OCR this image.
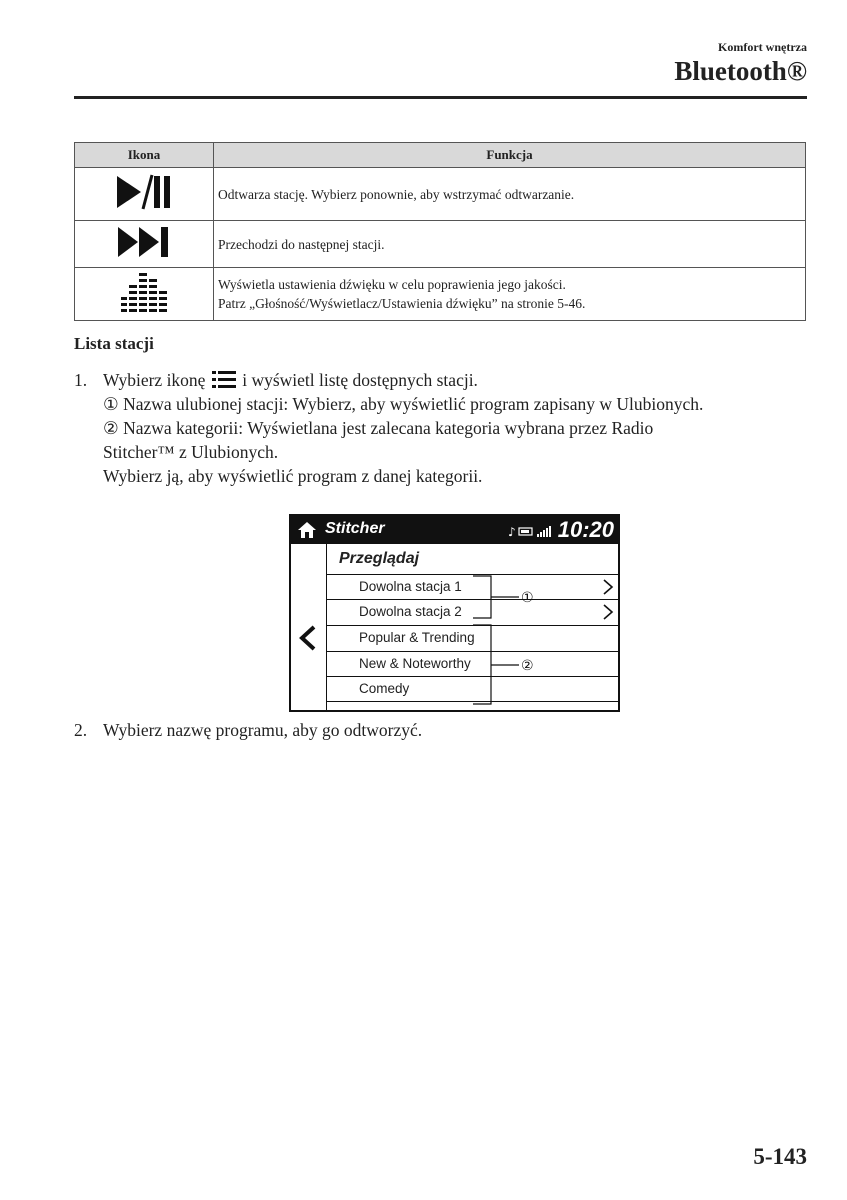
Komfort wnętrza
Bluetooth®
Ikona	Funkcja

Odtwarza stację. Wybierz ponownie, aby wstrzymać odtwarzanie.

Przechodzi do następnej stacji.

Wyświetla ustawienia dźwięku w celu poprawienia jego jakości.
Patrz „Głośność/Wyświetlacz/Ustawienia dźwięku” na stronie 5-46.
Lista stacji
1. Wybierz ikonę i wyświetl listę dostępnych stacji.
① Nazwa ulubionej stacji: Wybierz, aby wyświetlić program zapisany w Ulubionych.
② Nazwa kategorii: Wyświetlana jest zalecana kategoria wybrana przez Radio
Stitcher™ z Ulubionych.
Wybierz ją, aby wyświetlić program z danej kategorii.
Stitcher	♪ 10:20
Przeglądaj
Dowolna stacja 1
Dowolna stacja 2
Popular & Trending
New & Noteworthy
Comedy
①
②
2. Wybierz nazwę programu, aby go odtworzyć.
5-143
